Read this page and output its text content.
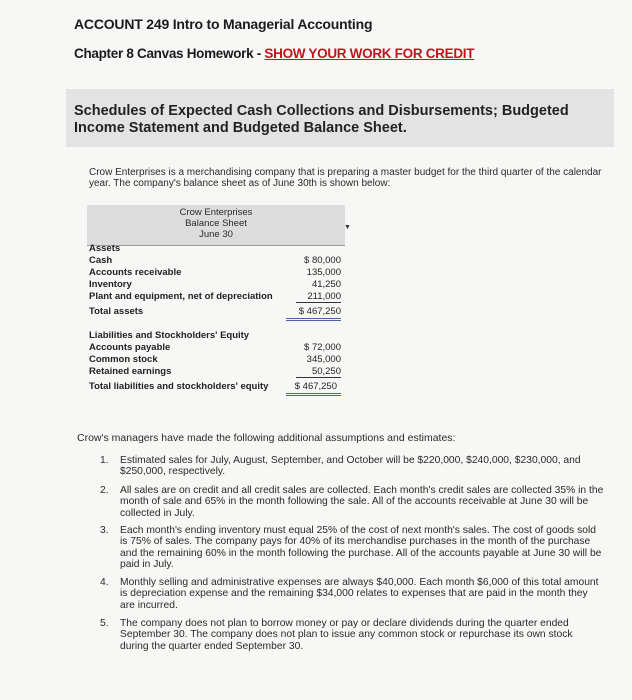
ACCOUNT 249 Intro to Managerial Accounting
Chapter 8 Canvas Homework - SHOW YOUR WORK FOR CREDIT
Schedules of Expected Cash Collections and Disbursements; Budgeted Income Statement and Budgeted Balance Sheet.
Crow Enterprises is a merchandising company that is preparing a master budget for the third quarter of the calendar year. The company's balance sheet as of June 30th is shown below:
Crow Enterprises
Balance Sheet
June 30
▼
Assets
Cash	$ 80,000
Accounts receivable	135,000
Inventory	41,250
Plant and equipment, net of depreciation	211,000
Total assets	$ 467,250
Liabilities and Stockholders' Equity
Accounts payable	$ 72,000
Common stock	345,000
Retained earnings	50,250
Total liabilities and stockholders' equity	$ 467,250
Crow's managers have made the following additional assumptions and estimates:
1. Estimated sales for July, August, September, and October will be $220,000, $240,000, $230,000, and $250,000, respectively.
2. All sales are on credit and all credit sales are collected. Each month's credit sales are collected 35% in the month of sale and 65% in the month following the sale. All of the accounts receivable at June 30 will be collected in July.
3. Each month's ending inventory must equal 25% of the cost of next month's sales. The cost of goods sold is 75% of sales. The company pays for 40% of its merchandise purchases in the month of the purchase and the remaining 60% in the month following the purchase. All of the accounts payable at June 30 will be paid in July.
4. Monthly selling and administrative expenses are always $40,000. Each month $6,000 of this total amount is depreciation expense and the remaining $34,000 relates to expenses that are paid in the month they are incurred.
5. The company does not plan to borrow money or pay or declare dividends during the quarter ended September 30. The company does not plan to issue any common stock or repurchase its own stock during the quarter ended September 30.
